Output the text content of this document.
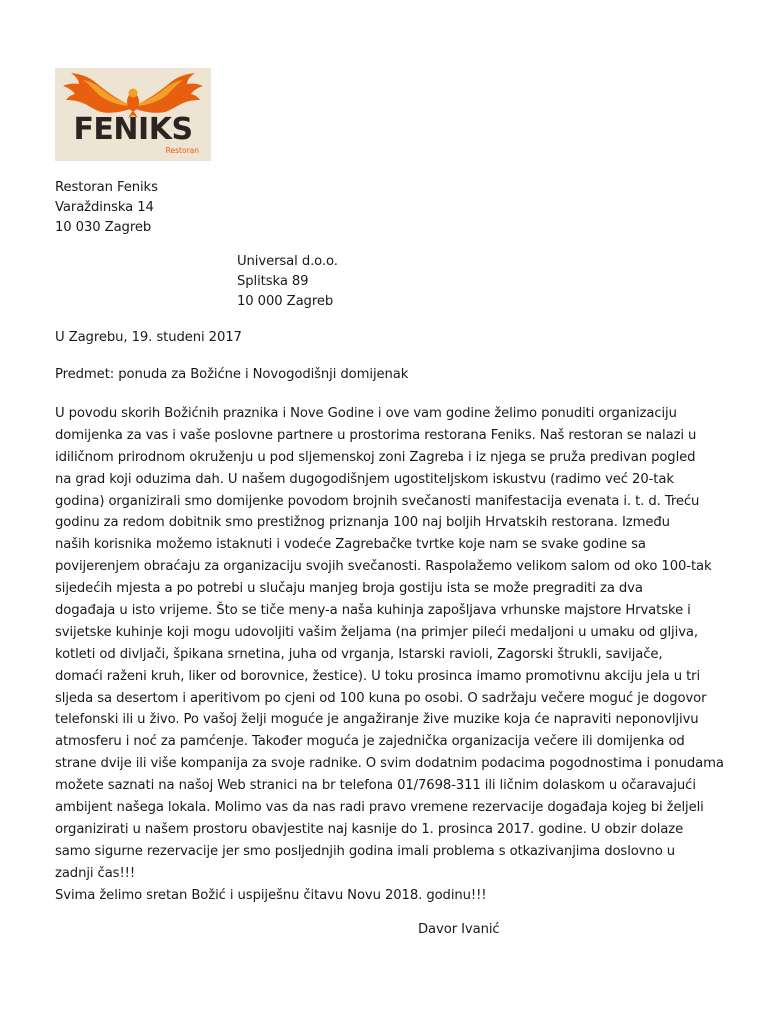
FENIKS
Restoran
Restoran Feniks
Varaždinska 14
10 030 Zagreb
Universal d.o.o.
Splitska 89
10 000 Zagreb
U Zagrebu, 19. studeni 2017
Predmet: ponuda za Božićne i Novogodišnji domijenak
U povodu skorih Božićnih praznika i Nove Godine i ove vam godine želimo ponuditi organizaciju
domijenka za vas i vaše poslovne partnere u prostorima restorana Feniks. Naš restoran se nalazi u
idiličnom prirodnom okruženju u pod sljemenskoj zoni Zagreba i iz njega se pruža predivan pogled
na grad koji oduzima dah. U našem dugogodišnjem ugostiteljskom iskustvu (radimo već 20-tak
godina) organizirali smo domijenke povodom brojnih svečanosti manifestacija evenata i. t. d. Treću
godinu za redom dobitnik smo prestižnog priznanja 100 naj boljih Hrvatskih restorana. Između
naših korisnika možemo istaknuti i vodeće Zagrebačke tvrtke koje nam se svake godine sa
povijerenjem obraćaju za organizaciju svojih svečanosti. Raspolažemo velikom salom od oko 100-tak
sijedećih mjesta a po potrebi u slučaju manjeg broja gostiju ista se može pregraditi za dva
događaja u isto vrijeme. Što se tiče meny-a naša kuhinja zapošljava vrhunske majstore Hrvatske i
svijetske kuhinje koji mogu udovoljiti vašim željama (na primjer pileći medaljoni u umaku od gljiva,
kotleti od divljači, špikana srnetina, juha od vrganja, Istarski ravioli, Zagorski štrukli, savijače,
domaći raženi kruh, liker od borovnice, žestice). U toku prosinca imamo promotivnu akciju jela u tri
sljeda sa desertom i aperitivom po cjeni od 100 kuna po osobi. O sadržaju večere moguć je dogovor
telefonski ili u živo. Po vašoj želji moguće je angažiranje žive muzike koja će napraviti neponovljivu
atmosferu i noć za pamćenje. Također moguća je zajednička organizacija večere ili domijenka od
strane dvije ili više kompanija za svoje radnike. O svim dodatnim podacima pogodnostima i ponudama
možete saznati na našoj Web stranici na br telefona 01/7698-311 ili ličnim dolaskom u očaravajući
ambijent našega lokala. Molimo vas da nas radi pravo vremene rezervacije događaja kojeg bi željeli
organizirati u našem prostoru obavjestite naj kasnije do 1. prosinca 2017. godine. U obzir dolaze
samo sigurne rezervacije jer smo posljednjih godina imali problema s otkazivanjima doslovno u
zadnji čas!!!
Svima želimo sretan Božić i uspiješnu čitavu Novu 2018. godinu!!!
Davor Ivanić
